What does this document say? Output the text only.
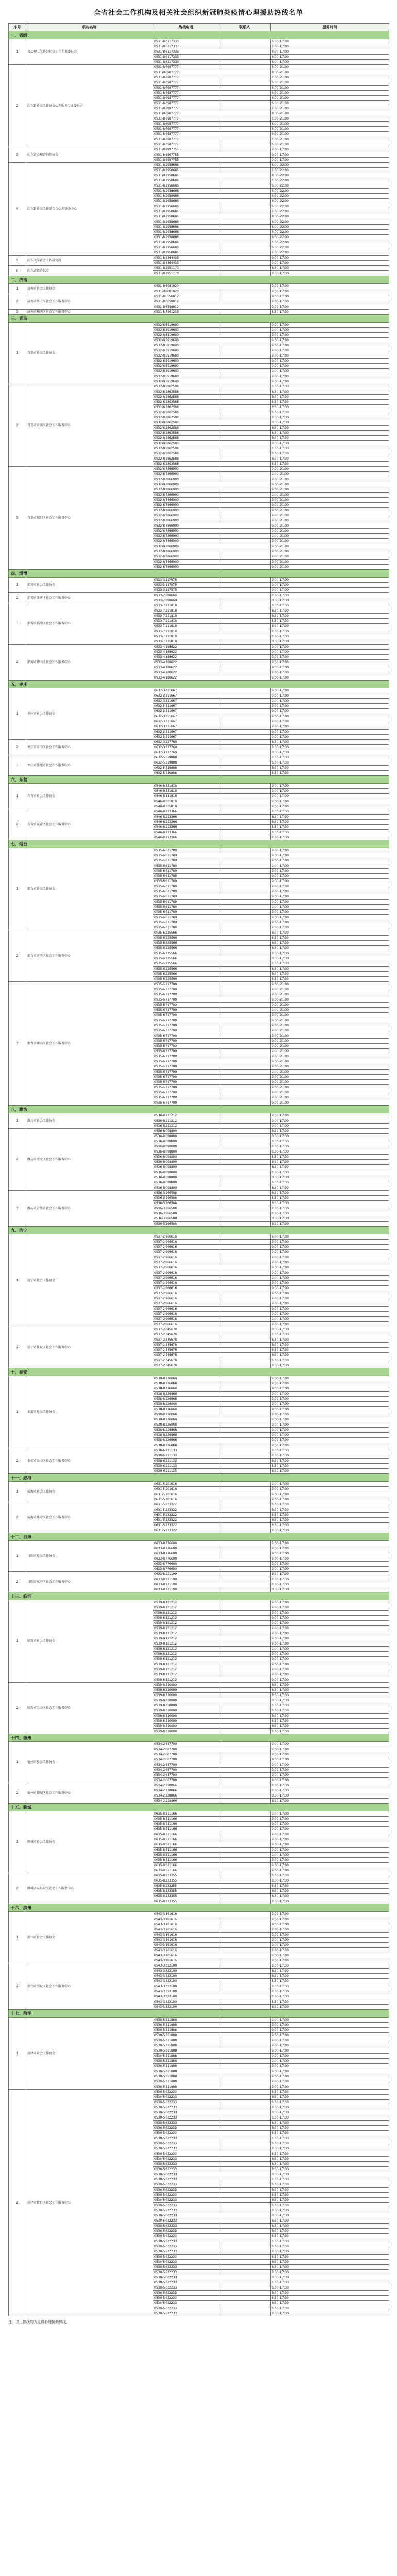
全省社会工作机构及相关社会组织新冠肺炎疫情心理援助热线名单
序号	机构名称	热线电话	联系人	服务时间
一、省级				
1	省心理卫生协会社会工作专业委员会	0531-86117333		8:00-17:00
		0531-86117333		8:00-17:00
		0531-86117333		8:00-17:00
		0531-86117333		8:00-17:00
		0531-86117333		8:00-17:00
2	山东省社会工作协会心理服务专业委员会	0531-86987777		8:00-21:00
		0531-86987777		8:00-21:00
		0531-86987777		8:00-21:00
		0531-86987777		8:00-21:00
		0531-86987777		8:00-21:00
		0531-86987777		8:00-21:00
		0531-86987777		8:00-21:00
		0531-86987777		8:00-21:00
		0531-86987777		8:00-21:00
		0531-86987777		8:00-21:00
		0531-86987777		8:00-21:00
		0531-86987777		8:00-21:00
		0531-86987777		8:00-21:00
		0531-86987777		8:00-21:00
		0531-86987777		8:00-21:00
		0531-86987777		8:00-21:00
3	山东省心理咨询师协会	0531-88997755		9:00-17:00
		0531-88997755		9:00-17:00
		0531-88997755		9:00-17:00
4	山东省社会工作联合会心理援助中心	0531-82958686		8:00-22:00
		0531-82958686		8:00-22:00
		0531-82958686		8:00-22:00
		0531-82958686		8:00-22:00
		0531-82958686		8:00-22:00
		0531-82958686		8:00-22:00
		0531-82958686		8:00-22:00
		0531-82958686		8:00-22:00
		0531-82958686		8:00-22:00
		0531-82958686		8:00-22:00
		0531-82958686		8:00-22:00
		0531-82958686		8:00-22:00
		0531-82958686		8:00-22:00
		0531-82958686		8:00-22:00
		0531-82958686		8:00-22:00
		0531-82958686		8:00-22:00
		0531-82958686		8:00-22:00
		0531-82958686		8:00-22:00
5	山东大学社会工作研究所	0531-88364433		9:00-17:00
		0531-88364433		9:00-17:00
6	山东省慈善总会	0531-82951170		8:30-17:30
		0531-82951170		8:30-17:30
二、济南				
1	济南市社会工作协会	0531-86081020		9:00-17:00
		0531-86081020		9:00-17:00
2	济南市历下区社会工作服务中心	0531-86558812		9:00-17:00
		0531-86558812		9:00-17:00
		0531-86558812		9:00-17:00
3	济南市槐荫区社会工作服务中心	0531-87561233		8:30-17:30
三、青岛				
1	青岛市社会工作协会	0532-85919600		9:00-17:00
		0532-85919600		9:00-17:00
		0532-85919600		9:00-17:00
		0532-85919600		9:00-17:00
		0532-85919600		9:00-17:00
		0532-85919600		9:00-17:00
		0532-85919600		9:00-17:00
		0532-85919600		9:00-17:00
		0532-85919600		9:00-17:00
		0532-85919600		9:00-17:00
		0532-85919600		9:00-17:00
		0532-85919600		9:00-17:00
2	青岛市市南区社会工作服务中心	0532-82862588		8:30-17:30
		0532-82862588		8:30-17:30
		0532-82862588		8:30-17:30
		0532-82862588		8:30-17:30
		0532-82862588		8:30-17:30
		0532-82862588		8:30-17:30
		0532-82862588		8:30-17:30
		0532-82862588		8:30-17:30
		0532-82862588		8:30-17:30
		0532-82862588		8:30-17:30
		0532-82862588		8:30-17:30
		0532-82862588		8:30-17:30
		0532-82862588		8:30-17:30
		0532-82862588		8:30-17:30
		0532-82862588		8:30-17:30
		0532-82862588		8:30-17:30
3	青岛市城阳区社会工作服务中心	0532-87866900		9:00-21:00
		0532-87866900		9:00-21:00
		0532-87866900		9:00-21:00
		0532-87866900		9:00-21:00
		0532-87866900		9:00-21:00
		0532-87866900		9:00-21:00
		0532-87866900		9:00-21:00
		0532-87866900		9:00-21:00
		0532-87866900		9:00-21:00
		0532-87866900		9:00-21:00
		0532-87866900		9:00-21:00
		0532-87866900		9:00-21:00
		0532-87866900		9:00-21:00
		0532-87866900		9:00-21:00
		0532-87866900		9:00-21:00
		0532-87866900		9:00-21:00
		0532-87866900		9:00-21:00
		0532-87866900		9:00-21:00
		0532-87866900		9:00-21:00
		0532-87866900		9:00-21:00
四、淄博				
1	淄博市社会工作协会	0533-3117575		9:00-17:00
		0533-3117575		9:00-17:00
		0533-3117575		9:00-17:00
2	淄博市张店区社会工作服务中心	0533-2288660		8:30-17:30
		0533-2288660		8:30-17:30
3	淄博市临淄区社会工作服务中心	0533-7211818		8:30-17:30
		0533-7211818		8:30-17:30
		0533-7211818		8:30-17:30
		0533-7211818		8:30-17:30
		0533-7211818		8:30-17:30
		0533-7211818		8:30-17:30
		0533-7211818		8:30-17:30
		0533-7211818		8:30-17:30
4	淄博市博山区社会工作服务中心	0533-4188622		9:00-17:00
		0533-4188622		9:00-17:00
		0533-4188622		9:00-17:00
		0533-4188622		9:00-17:00
		0533-4188622		9:00-17:00
		0533-4188622		9:00-17:00
		0533-4188622		9:00-17:00
五、枣庄				
1	枣庄市社会工作协会	0632-3311667		9:00-17:00
		0632-3311667		9:00-17:00
		0632-3311667		9:00-17:00
		0632-3311667		9:00-17:00
		0632-3311667		9:00-17:00
		0632-3311667		9:00-17:00
		0632-3311667		9:00-17:00
		0632-3311667		9:00-17:00
		0632-3311667		9:00-17:00
		0632-3311667		9:00-17:00
2	枣庄市市中区社会工作服务中心	0632-3227760		8:30-17:30
		0632-3227760		8:30-17:30
		0632-3227760		8:30-17:30
3	枣庄市滕州市社会工作服务中心	0632-5519888		8:30-17:30
		0632-5519888		8:30-17:30
		0632-5519888		8:30-17:30
		0632-5519888		8:30-17:30
六、东营				
1	东营市社会工作协会	0546-8331818		9:00-17:00
		0546-8331818		9:00-17:00
		0546-8331818		9:00-17:00
		0546-8331818		9:00-17:00
		0546-8331818		9:00-17:00
2	东营市东营区社会工作服务中心	0546-8213366		8:30-17:30
		0546-8213366		8:30-17:30
		0546-8213366		8:30-17:30
		0546-8213366		8:30-17:30
		0546-8213366		8:30-17:30
		0546-8213366		8:30-17:30
七、烟台				
1	烟台市社会工作协会	0535-6611789		9:00-17:00
		0535-6611789		9:00-17:00
		0535-6611789		9:00-17:00
		0535-6611789		9:00-17:00
		0535-6611789		9:00-17:00
		0535-6611789		9:00-17:00
		0535-6611789		9:00-17:00
		0535-6611789		9:00-17:00
		0535-6611789		9:00-17:00
		0535-6611789		9:00-17:00
		0535-6611789		9:00-17:00
		0535-6611789		9:00-17:00
		0535-6611789		9:00-17:00
		0535-6611789		9:00-17:00
		0535-6611789		9:00-17:00
		0535-6611789		9:00-17:00
2	烟台市芝罘区社会工作服务中心	0535-6225566		8:30-17:30
		0535-6225566		8:30-17:30
		0535-6225566		8:30-17:30
		0535-6225566		8:30-17:30
		0535-6225566		8:30-17:30
		0535-6225566		8:30-17:30
		0535-6225566		8:30-17:30
		0535-6225566		8:30-17:30
		0535-6225566		8:30-17:30
		0535-6225566		8:30-17:30
3	烟台市莱山区社会工作服务中心	0535-6717700		9:00-21:00
		0535-6717700		9:00-21:00
		0535-6717700		9:00-21:00
		0535-6717700		9:00-21:00
		0535-6717700		9:00-21:00
		0535-6717700		9:00-21:00
		0535-6717700		9:00-21:00
		0535-6717700		9:00-21:00
		0535-6717700		9:00-21:00
		0535-6717700		9:00-21:00
		0535-6717700		9:00-21:00
		0535-6717700		9:00-21:00
		0535-6717700		9:00-21:00
		0535-6717700		9:00-21:00
		0535-6717700		9:00-21:00
		0535-6717700		9:00-21:00
		0535-6717700		9:00-21:00
		0535-6717700		9:00-21:00
		0535-6717700		9:00-21:00
		0535-6717700		9:00-21:00
		0535-6717700		9:00-21:00
		0535-6717700		9:00-21:00
		0535-6717700		9:00-21:00
		0535-6717700		9:00-21:00
八、潍坊				
1	潍坊市社会工作协会	0536-8211212		9:00-17:00
		0536-8211212		9:00-17:00
		0536-8211212		9:00-17:00
2	潍坊市奎文区社会工作服务中心	0536-8098800		8:30-17:30
		0536-8098800		8:30-17:30
		0536-8098800		8:30-17:30
		0536-8098800		8:30-17:30
		0536-8098800		8:30-17:30
		0536-8098800		8:30-17:30
		0536-8098800		8:30-17:30
		0536-8098800		8:30-17:30
		0536-8098800		8:30-17:30
		0536-8098800		8:30-17:30
		0536-8098800		8:30-17:30
		0536-8098800		8:30-17:30
3	潍坊市青州市社会工作服务中心	0536-3266588		8:30-17:30
		0536-3266588		8:30-17:30
		0536-3266588		8:30-17:30
		0536-3266588		8:30-17:30
		0536-3266588		8:30-17:30
		0536-3266588		8:30-17:30
		0536-3266588		8:30-17:30
九、济宁				
1	济宁市社会工作协会	0537-2966616		9:00-17:00
		0537-2966616		9:00-17:00
		0537-2966616		9:00-17:00
		0537-2966616		9:00-17:00
		0537-2966616		9:00-17:00
		0537-2966616		9:00-17:00
		0537-2966616		9:00-17:00
		0537-2966616		9:00-17:00
		0537-2966616		9:00-17:00
		0537-2966616		9:00-17:00
		0537-2966616		9:00-17:00
		0537-2966616		9:00-17:00
		0537-2966616		9:00-17:00
		0537-2966616		9:00-17:00
		0537-2966616		9:00-17:00
		0537-2966616		9:00-17:00
		0537-2966616		9:00-17:00
		0537-2966616		9:00-17:00
2	济宁市任城区社会工作服务中心	0537-2345678		8:30-17:30
		0537-2345678		8:30-17:30
		0537-2345678		8:30-17:30
		0537-2345678		8:30-17:30
		0537-2345678		8:30-17:30
		0537-2345678		8:30-17:30
		0537-2345678		8:30-17:30
		0537-2345678		8:30-17:30
十、泰安				
1	泰安市社会工作协会	0538-8226868		9:00-17:00
		0538-8226868		9:00-17:00
		0538-8226868		9:00-17:00
		0538-8226868		9:00-17:00
		0538-8226868		9:00-17:00
		0538-8226868		9:00-17:00
		0538-8226868		9:00-17:00
		0538-8226868		9:00-17:00
		0538-8226868		9:00-17:00
		0538-8226868		9:00-17:00
		0538-8226868		9:00-17:00
		0538-8226868		9:00-17:00
		0538-8226868		9:00-17:00
		0538-8226868		9:00-17:00
2	泰安市泰山区社会工作服务中心	0538-6211133		8:30-17:30
		0538-6211133		8:30-17:30
		0538-6211133		8:30-17:30
		0538-6211133		8:30-17:30
		0538-6211133		8:30-17:30
十一、威海				
1	威海市社会工作协会	0631-5201616		9:00-17:00
		0631-5201616		9:00-17:00
		0631-5201616		9:00-17:00
		0631-5201616		9:00-17:00
2	威海市环翠区社会工作服务中心	0631-5233322		8:30-17:30
		0631-5233322		8:30-17:30
		0631-5233322		8:30-17:30
		0631-5233322		8:30-17:30
		0631-5233322		8:30-17:30
		0631-5233322		8:30-17:30
十二、日照				
1	日照市社会工作协会	0633-8776600		9:00-17:00
		0633-8776600		9:00-17:00
		0633-8776600		9:00-17:00
		0633-8776600		9:00-17:00
		0633-8776600		9:00-17:00
		0633-8776600		9:00-17:00
2	日照市东港区社会工作服务中心	0633-8221199		8:30-17:30
		0633-8221199		8:30-17:30
		0633-8221199		8:30-17:30
		0633-8221199		8:30-17:30
十三、临沂				
1	临沂市社会工作协会	0539-8121212		9:00-17:00
		0539-8121212		9:00-17:00
		0539-8121212		9:00-17:00
		0539-8121212		9:00-17:00
		0539-8121212		9:00-17:00
		0539-8121212		9:00-17:00
		0539-8121212		9:00-17:00
		0539-8121212		9:00-17:00
		0539-8121212		9:00-17:00
		0539-8121212		9:00-17:00
		0539-8121212		9:00-17:00
		0539-8121212		9:00-17:00
		0539-8121212		9:00-17:00
		0539-8121212		9:00-17:00
		0539-8121212		9:00-17:00
		0539-8121212		9:00-17:00
2	临沂市兰山区社会工作服务中心	0539-8310000		8:30-17:30
		0539-8310000		8:30-17:30
		0539-8310000		8:30-17:30
		0539-8310000		8:30-17:30
		0539-8310000		8:30-17:30
		0539-8310000		8:30-17:30
		0539-8310000		8:30-17:30
		0539-8310000		8:30-17:30
		0539-8310000		8:30-17:30
		0539-8310000		8:30-17:30
十四、德州				
1	德州市社会工作协会	0534-2687700		9:00-17:00
		0534-2687700		9:00-17:00
		0534-2687700		9:00-17:00
		0534-2687700		9:00-17:00
		0534-2687700		9:00-17:00
		0534-2687700		9:00-17:00
		0534-2687700		9:00-17:00
		0534-2687700		9:00-17:00
2	德州市德城区社会工作服务中心	0534-2228866		8:30-17:30
		0534-2228866		8:30-17:30
		0534-2228866		8:30-17:30
		0534-2228866		8:30-17:30
十五、聊城				
1	聊城市社会工作协会	0635-8511166		9:00-17:00
		0635-8511166		9:00-17:00
		0635-8511166		9:00-17:00
		0635-8511166		9:00-17:00
		0635-8511166		9:00-17:00
		0635-8511166		9:00-17:00
		0635-8511166		9:00-17:00
		0635-8511166		9:00-17:00
		0635-8511166		9:00-17:00
		0635-8511166		9:00-17:00
		0635-8511166		9:00-17:00
		0635-8511166		9:00-17:00
2	聊城市东昌府区社会工作服务中心	0635-8233355		8:30-17:30
		0635-8233355		8:30-17:30
		0635-8233355		8:30-17:30
		0635-8233355		8:30-17:30
		0635-8233355		8:30-17:30
		0635-8233355		8:30-17:30
十六、滨州				
1	滨州市社会工作协会	0543-3161616		9:00-17:00
		0543-3161616		9:00-17:00
		0543-3161616		9:00-17:00
		0543-3161616		9:00-17:00
		0543-3161616		9:00-17:00
		0543-3161616		9:00-17:00
		0543-3161616		9:00-17:00
		0543-3161616		9:00-17:00
		0543-3161616		9:00-17:00
		0543-3161616		9:00-17:00
2	滨州市滨城区社会工作服务中心	0543-3322100		8:30-17:30
		0543-3322100		8:30-17:30
		0543-3322100		8:30-17:30
		0543-3322100		8:30-17:30
		0543-3322100		8:30-17:30
		0543-3322100		8:30-17:30
		0543-3322100		8:30-17:30
		0543-3322100		8:30-17:30
		0543-3322100		8:30-17:30
十七、菏泽				
1	菏泽市社会工作协会	0530-5311888		9:00-17:00
		0530-5311888		9:00-17:00
		0530-5311888		9:00-17:00
		0530-5311888		9:00-17:00
		0530-5311888		9:00-17:00
		0530-5311888		9:00-17:00
		0530-5311888		9:00-17:00
		0530-5311888		9:00-17:00
		0530-5311888		9:00-17:00
		0530-5311888		9:00-17:00
		0530-5311888		9:00-17:00
		0530-5311888		9:00-17:00
		0530-5311888		9:00-17:00
		0530-5311888		9:00-17:00
2	菏泽市牡丹区社会工作服务中心	0530-5622233		8:30-17:30
		0530-5622233		8:30-17:30
		0530-5622233		8:30-17:30
		0530-5622233		8:30-17:30
		0530-5622233		8:30-17:30
		0530-5622233		8:30-17:30
		0530-5622233		8:30-17:30
		0530-5622233		8:30-17:30
		0530-5622233		8:30-17:30
		0530-5622233		8:30-17:30
		0530-5622233		8:30-17:30
		0530-5622233		8:30-17:30
		0530-5622233		8:30-17:30
		0530-5622233		8:30-17:30
		0530-5622233		8:30-17:30
		0530-5622233		8:30-17:30
		0530-5622233		8:30-17:30
		0530-5622233		8:30-17:30
		0530-5622233		8:30-17:30
		0530-5622233		8:30-17:30
		0530-5622233		8:30-17:30
		0530-5622233		8:30-17:30
		0530-5622233		8:30-17:30
		0530-5622233		8:30-17:30
		0530-5622233		8:30-17:30
		0530-5622233		8:30-17:30
		0530-5622233		8:30-17:30
		0530-5622233		8:30-17:30
		0530-5622233		8:30-17:30
		0530-5622233		8:30-17:30
		0530-5622233		8:30-17:30
		0530-5622233		8:30-17:30
		0530-5622233		8:30-17:30
		0530-5622233		8:30-17:30
		0530-5622233		8:30-17:30
		0530-5622233		8:30-17:30
		0530-5622233		8:30-17:30
		0530-5622233		8:30-17:30
		0530-5622233		8:30-17:30
		0530-5622233		8:30-17:30
		0530-5622233		8:30-17:30
		0530-5622233		8:30-17:30
		0530-5622233		8:30-17:30
		0530-5622233		8:30-17:30
注：以上热线均为免费心理援助热线。
